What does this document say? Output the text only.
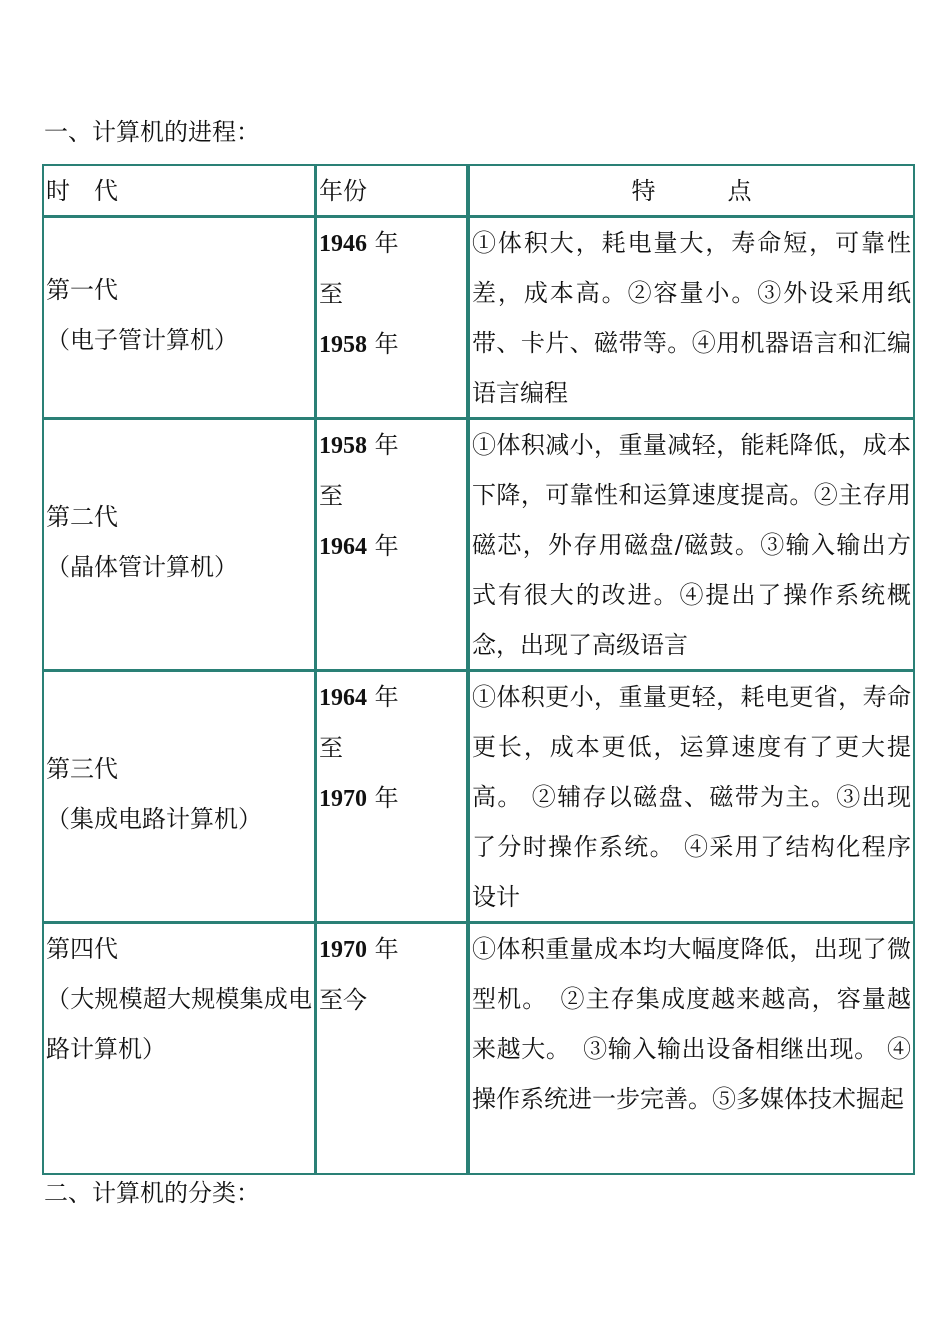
一、计算机的进程：

时　代	年份	特　　　点

第一代

（电子管计算机）

1946 年

至

1958 年

①体积大，耗电量大，寿命短，可靠性差，成本高。②容量小。③外设采用纸带、卡片、磁带等。④用机器语言和汇编语言编程

第二代

（晶体管计算机）

1958 年

至

1964 年

①体积减小，重量减轻，能耗降低，成本下降，可靠性和运算速度提高。②主存用磁芯，外存用磁盘/磁鼓。③输入输出方式有很大的改进。④提出了操作系统概念，出现了高级语言

第三代

（集成电路计算机）

1964 年

至

1970 年

①体积更小，重量更轻，耗电更省，寿命更长，成本更低，运算速度有了更大提高。 ②辅存以磁盘、磁带为主。③出现了分时操作系统。 ④采用了结构化程序设计

第四代

（大规模超大规模集成电路计算机）

1970 年

至今

①体积重量成本均大幅度降低，出现了微型机。　②主存集成度越来越高，容量越来越大。　③输入输出设备相继出现。 ④操作系统进一步完善。⑤多媒体技术掘起

二、计算机的分类：
